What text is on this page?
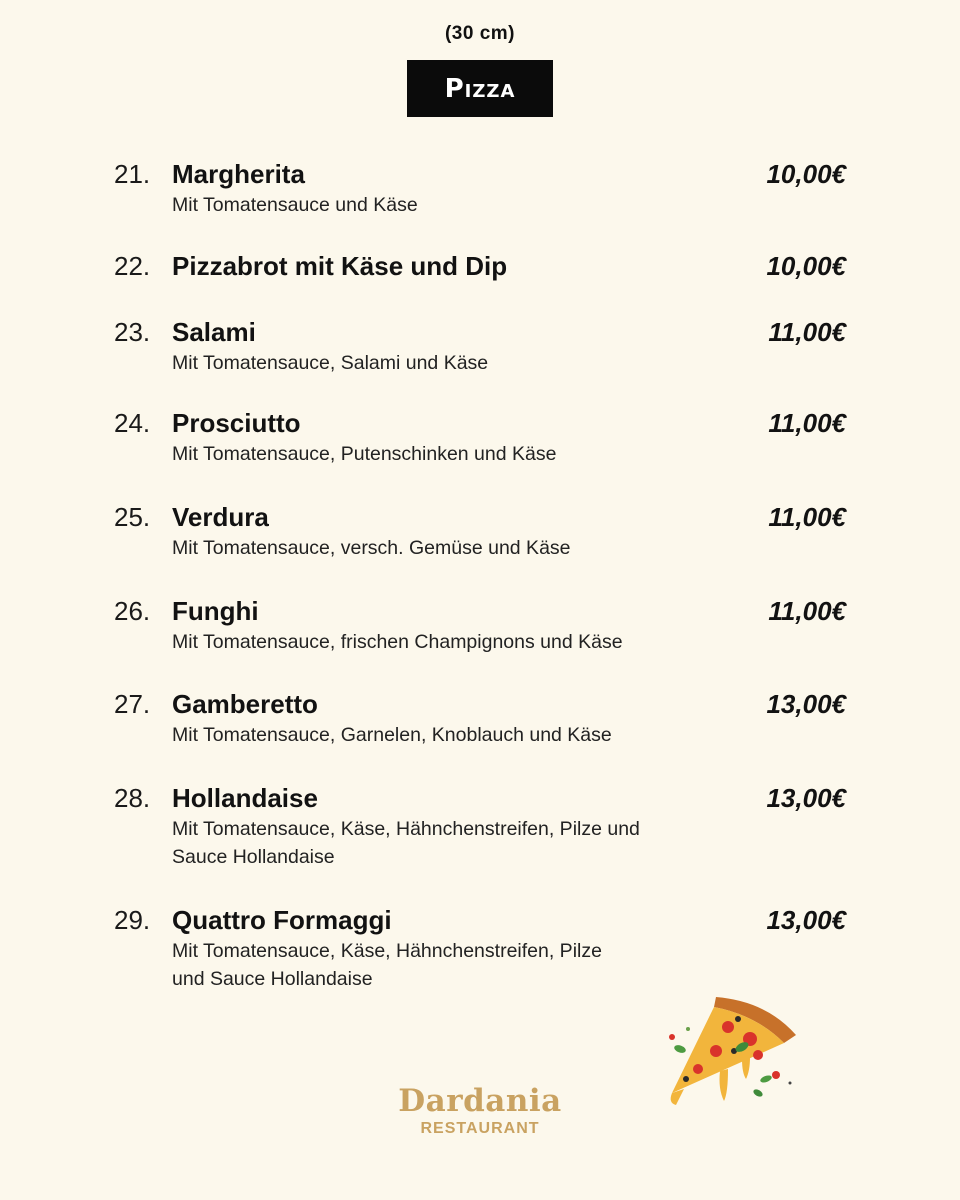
(30 cm)
Pizza
21. Margherita	10,00€
Mit Tomatensauce und Käse
22. Pizzabrot mit Käse und Dip	10,00€
23. Salami	11,00€
Mit Tomatensauce, Salami und Käse
24. Prosciutto	11,00€
Mit Tomatensauce, Putenschinken und Käse
25. Verdura	11,00€
Mit Tomatensauce, versch. Gemüse und Käse
26. Funghi	11,00€
Mit Tomatensauce, frischen Champignons und Käse
27. Gamberetto	13,00€
Mit Tomatensauce, Garnelen, Knoblauch und Käse
28. Hollandaise	13,00€
Mit Tomatensauce, Käse, Hähnchenstreifen, Pilze und Sauce Hollandaise
29. Quattro Formaggi	13,00€
Mit Tomatensauce, Käse, Hähnchenstreifen, Pilze und Sauce Hollandaise
Dardania
RESTAURANT
